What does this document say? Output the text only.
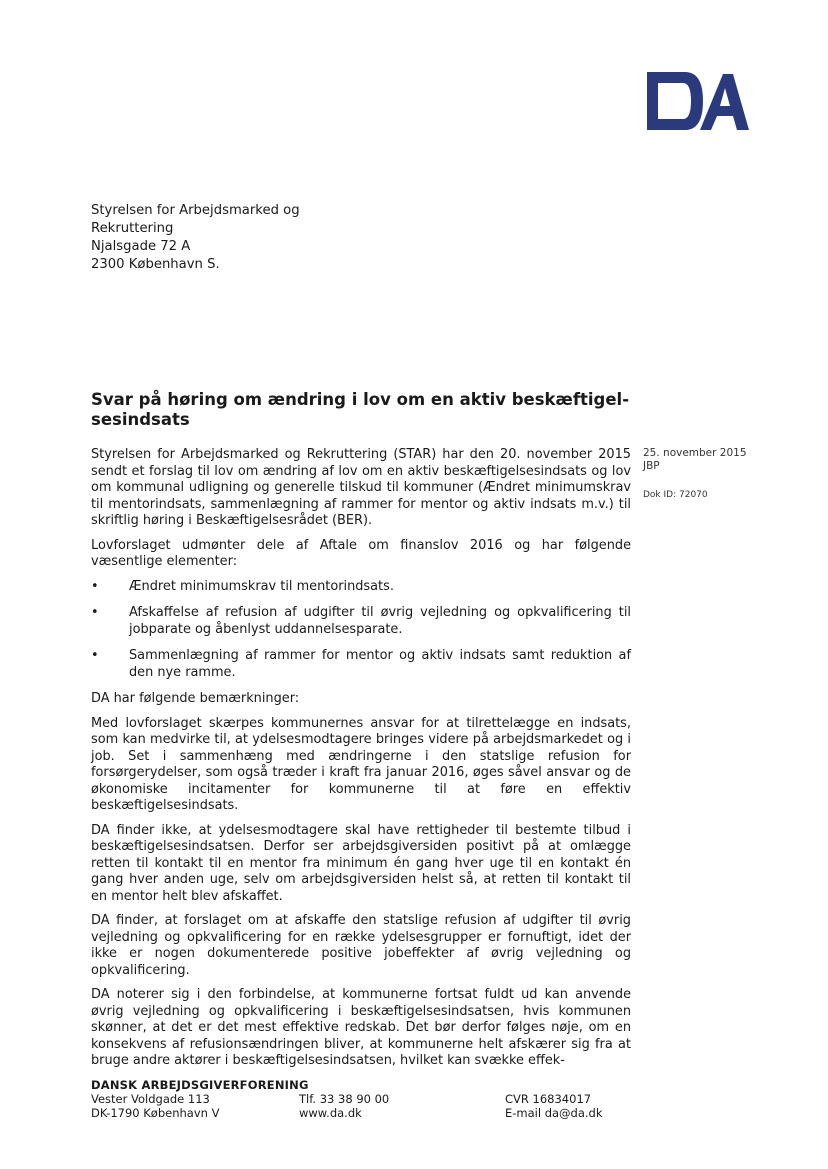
Styrelsen for Arbejdsmarked og
Rekruttering
Njalsgade 72 A
2300 København S.
Svar på høring om ændring i lov om en aktiv beskæftigel-sesindsats
25. november 2015
JBP
Dok ID: 72070

Styrelsen for Arbejdsmarked og Rekruttering (STAR) har den 20. november 2015 sendt et forslag til lov om ændring af lov om en aktiv beskæftigelsesindsats og lov om kommunal udligning og generelle tilskud til kommuner (Ændret minimumskrav til mentorindsats, sammenlægning af rammer for mentor og aktiv indsats m.v.) til skriftlig høring i Beskæftigelsesrådet (BER).

Lovforslaget udmønter dele af Aftale om finanslov 2016 og har følgende væsentlige elementer:

• Ændret minimumskrav til mentorindsats.
• Afskaffelse af refusion af udgifter til øvrig vejledning og opkvalificering til jobparate og åbenlyst uddannelsesparate.
• Sammenlægning af rammer for mentor og aktiv indsats samt reduktion af den nye ramme.

DA har følgende bemærkninger:

Med lovforslaget skærpes kommunernes ansvar for at tilrettelægge en indsats, som kan medvirke til, at ydelsesmodtagere bringes videre på arbejdsmarkedet og i job. Set i sammenhæng med ændringerne i den statslige refusion for forsørgerydelser, som også træder i kraft fra januar 2016, øges såvel ansvar og de økonomiske incitamenter for kommunerne til at føre en effektiv beskæftigelsesindsats.

DA finder ikke, at ydelsesmodtagere skal have rettigheder til bestemte tilbud i beskæftigelsesindsatsen. Derfor ser arbejdsgiversiden positivt på at omlægge retten til kontakt til en mentor fra minimum én gang hver uge til en kontakt én gang hver anden uge, selv om arbejdsgiversiden helst så, at retten til kontakt til en mentor helt blev afskaffet.

DA finder, at forslaget om at afskaffe den statslige refusion af udgifter til øvrig vejledning og opkvalificering for en række ydelsesgrupper er fornuftigt, idet der ikke er nogen dokumenterede positive jobeffekter af øvrig vejledning og opkvalificering.

DA noterer sig i den forbindelse, at kommunerne fortsat fuldt ud kan anvende øvrig vejledning og opkvalificering i beskæftigelsesindsatsen, hvis kommunen skønner, at det er det mest effektive redskab. Det bør derfor følges nøje, om en konsekvens af refusionsændringen bliver, at kommunerne helt afskærer sig fra at bruge andre aktører i beskæftigelsesindsatsen, hvilket kan svække effek-

DANSK ARBEJDSGIVERFORENING
Vester Voldgade 113
DK-1790 København V
Tlf. 33 38 90 00
www.da.dk
CVR 16834017
E-mail da@da.dk
